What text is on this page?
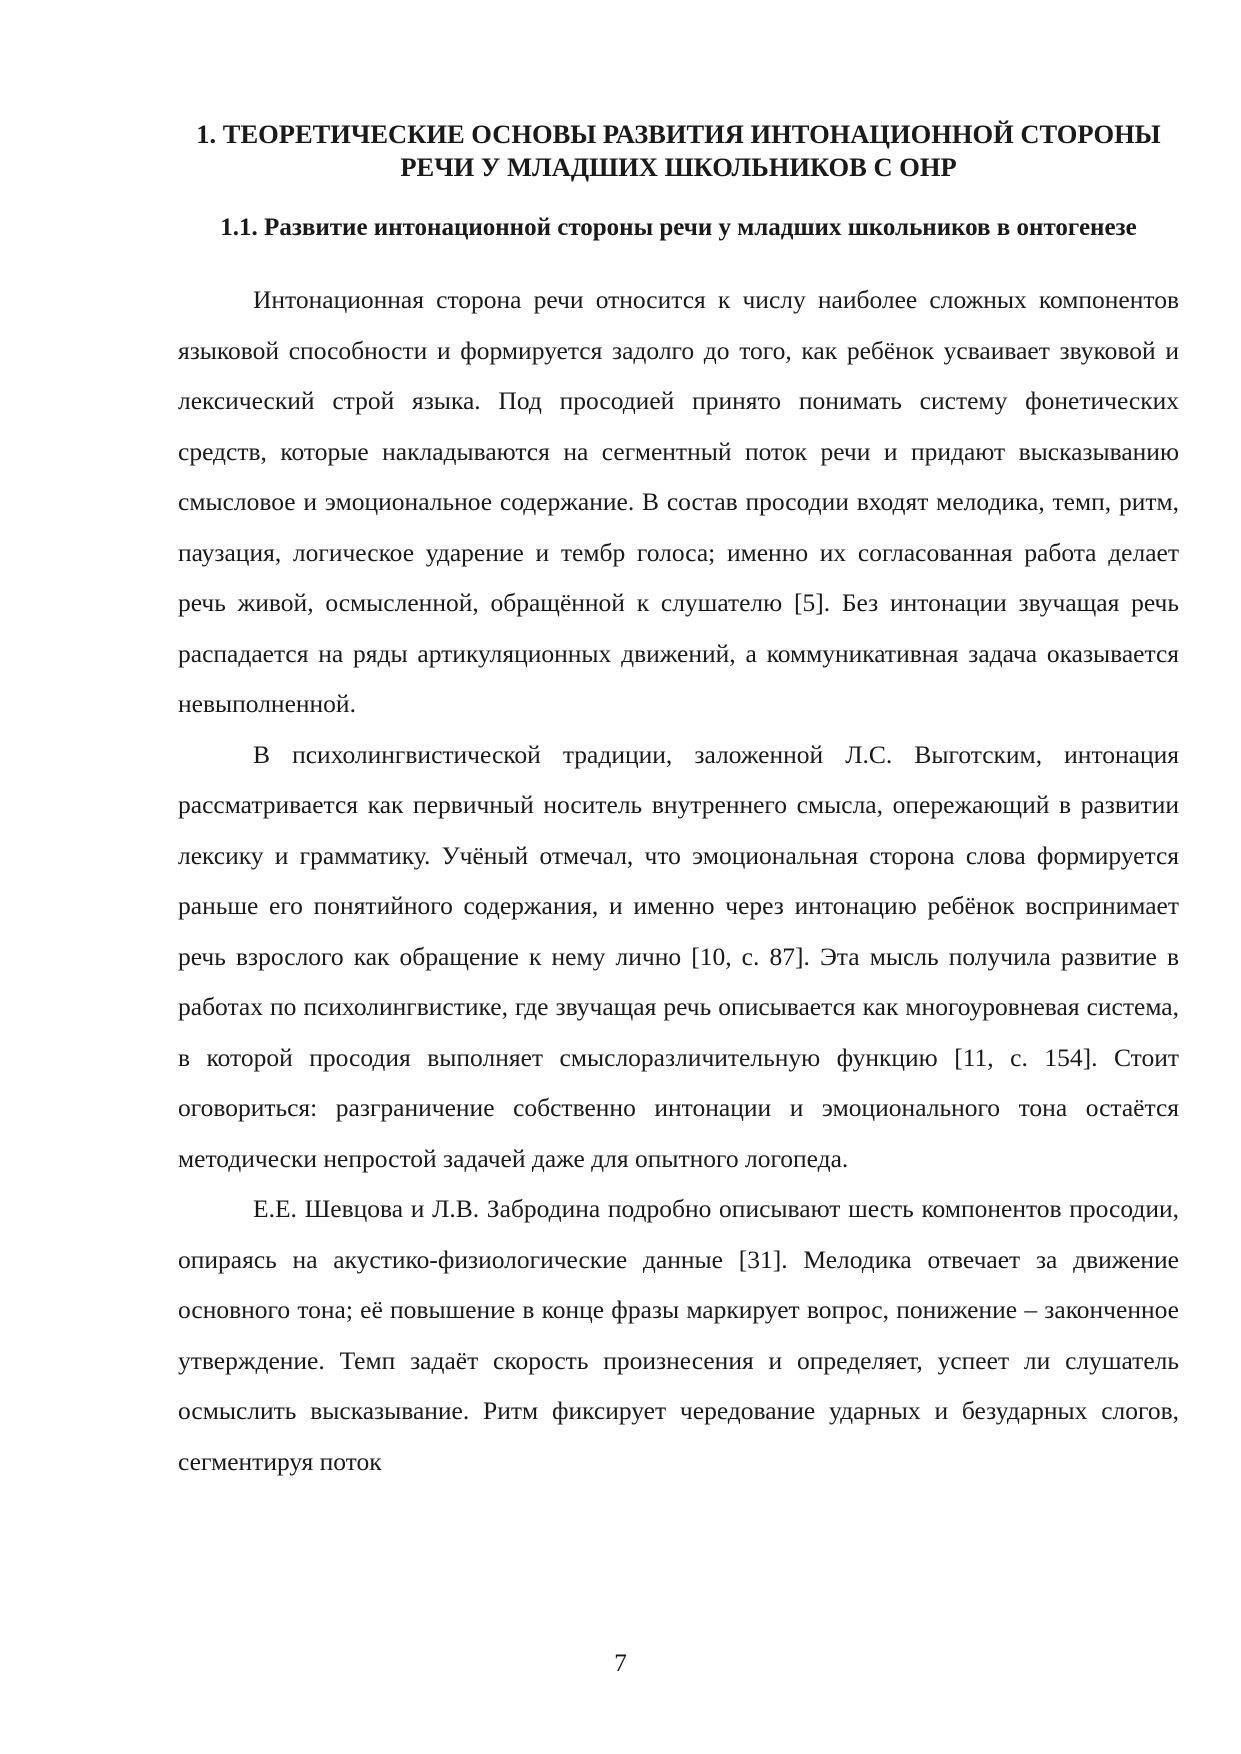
1. ТЕОРЕТИЧЕСКИЕ ОСНОВЫ РАЗВИТИЯ ИНТОНАЦИОННОЙ СТОРОНЫ РЕЧИ У МЛАДШИХ ШКОЛЬНИКОВ С ОНР
1.1. Развитие интонационной стороны речи у младших школьников в онтогенезе

Интонационная сторона речи относится к числу наиболее сложных компонентов языковой способности и формируется задолго до того, как ребёнок усваивает звуковой и лексический строй языка. Под просодией принято понимать систему фонетических средств, которые накладываются на сегментный поток речи и придают высказыванию смысловое и эмоциональное содержание. В состав просодии входят мелодика, темп, ритм, паузация, логическое ударение и тембр голоса; именно их согласованная работа делает речь живой, осмысленной, обращённой к слушателю [5]. Без интонации звучащая речь распадается на ряды артикуляционных движений, а коммуникативная задача оказывается невыполненной.

В психолингвистической традиции, заложенной Л.С. Выготским, интонация рассматривается как первичный носитель внутреннего смысла, опережающий в развитии лексику и грамматику. Учёный отмечал, что эмоциональная сторона слова формируется раньше его понятийного содержания, и именно через интонацию ребёнок воспринимает речь взрослого как обращение к нему лично [10, с. 87]. Эта мысль получила развитие в работах по психолингвистике, где звучащая речь описывается как многоуровневая система, в которой просодия выполняет смыслоразличительную функцию [11, с. 154]. Стоит оговориться: разграничение собственно интонации и эмоционального тона остаётся методически непростой задачей даже для опытного логопеда.

Е.Е. Шевцова и Л.В. Забродина подробно описывают шесть компонентов просодии, опираясь на акустико-физиологические данные [31]. Мелодика отвечает за движение основного тона; её повышение в конце фразы маркирует вопрос, понижение – законченное утверждение. Темп задаёт скорость произнесения и определяет, успеет ли слушатель осмыслить высказывание. Ритм фиксирует чередование ударных и безударных слогов, сегментируя поток

7
